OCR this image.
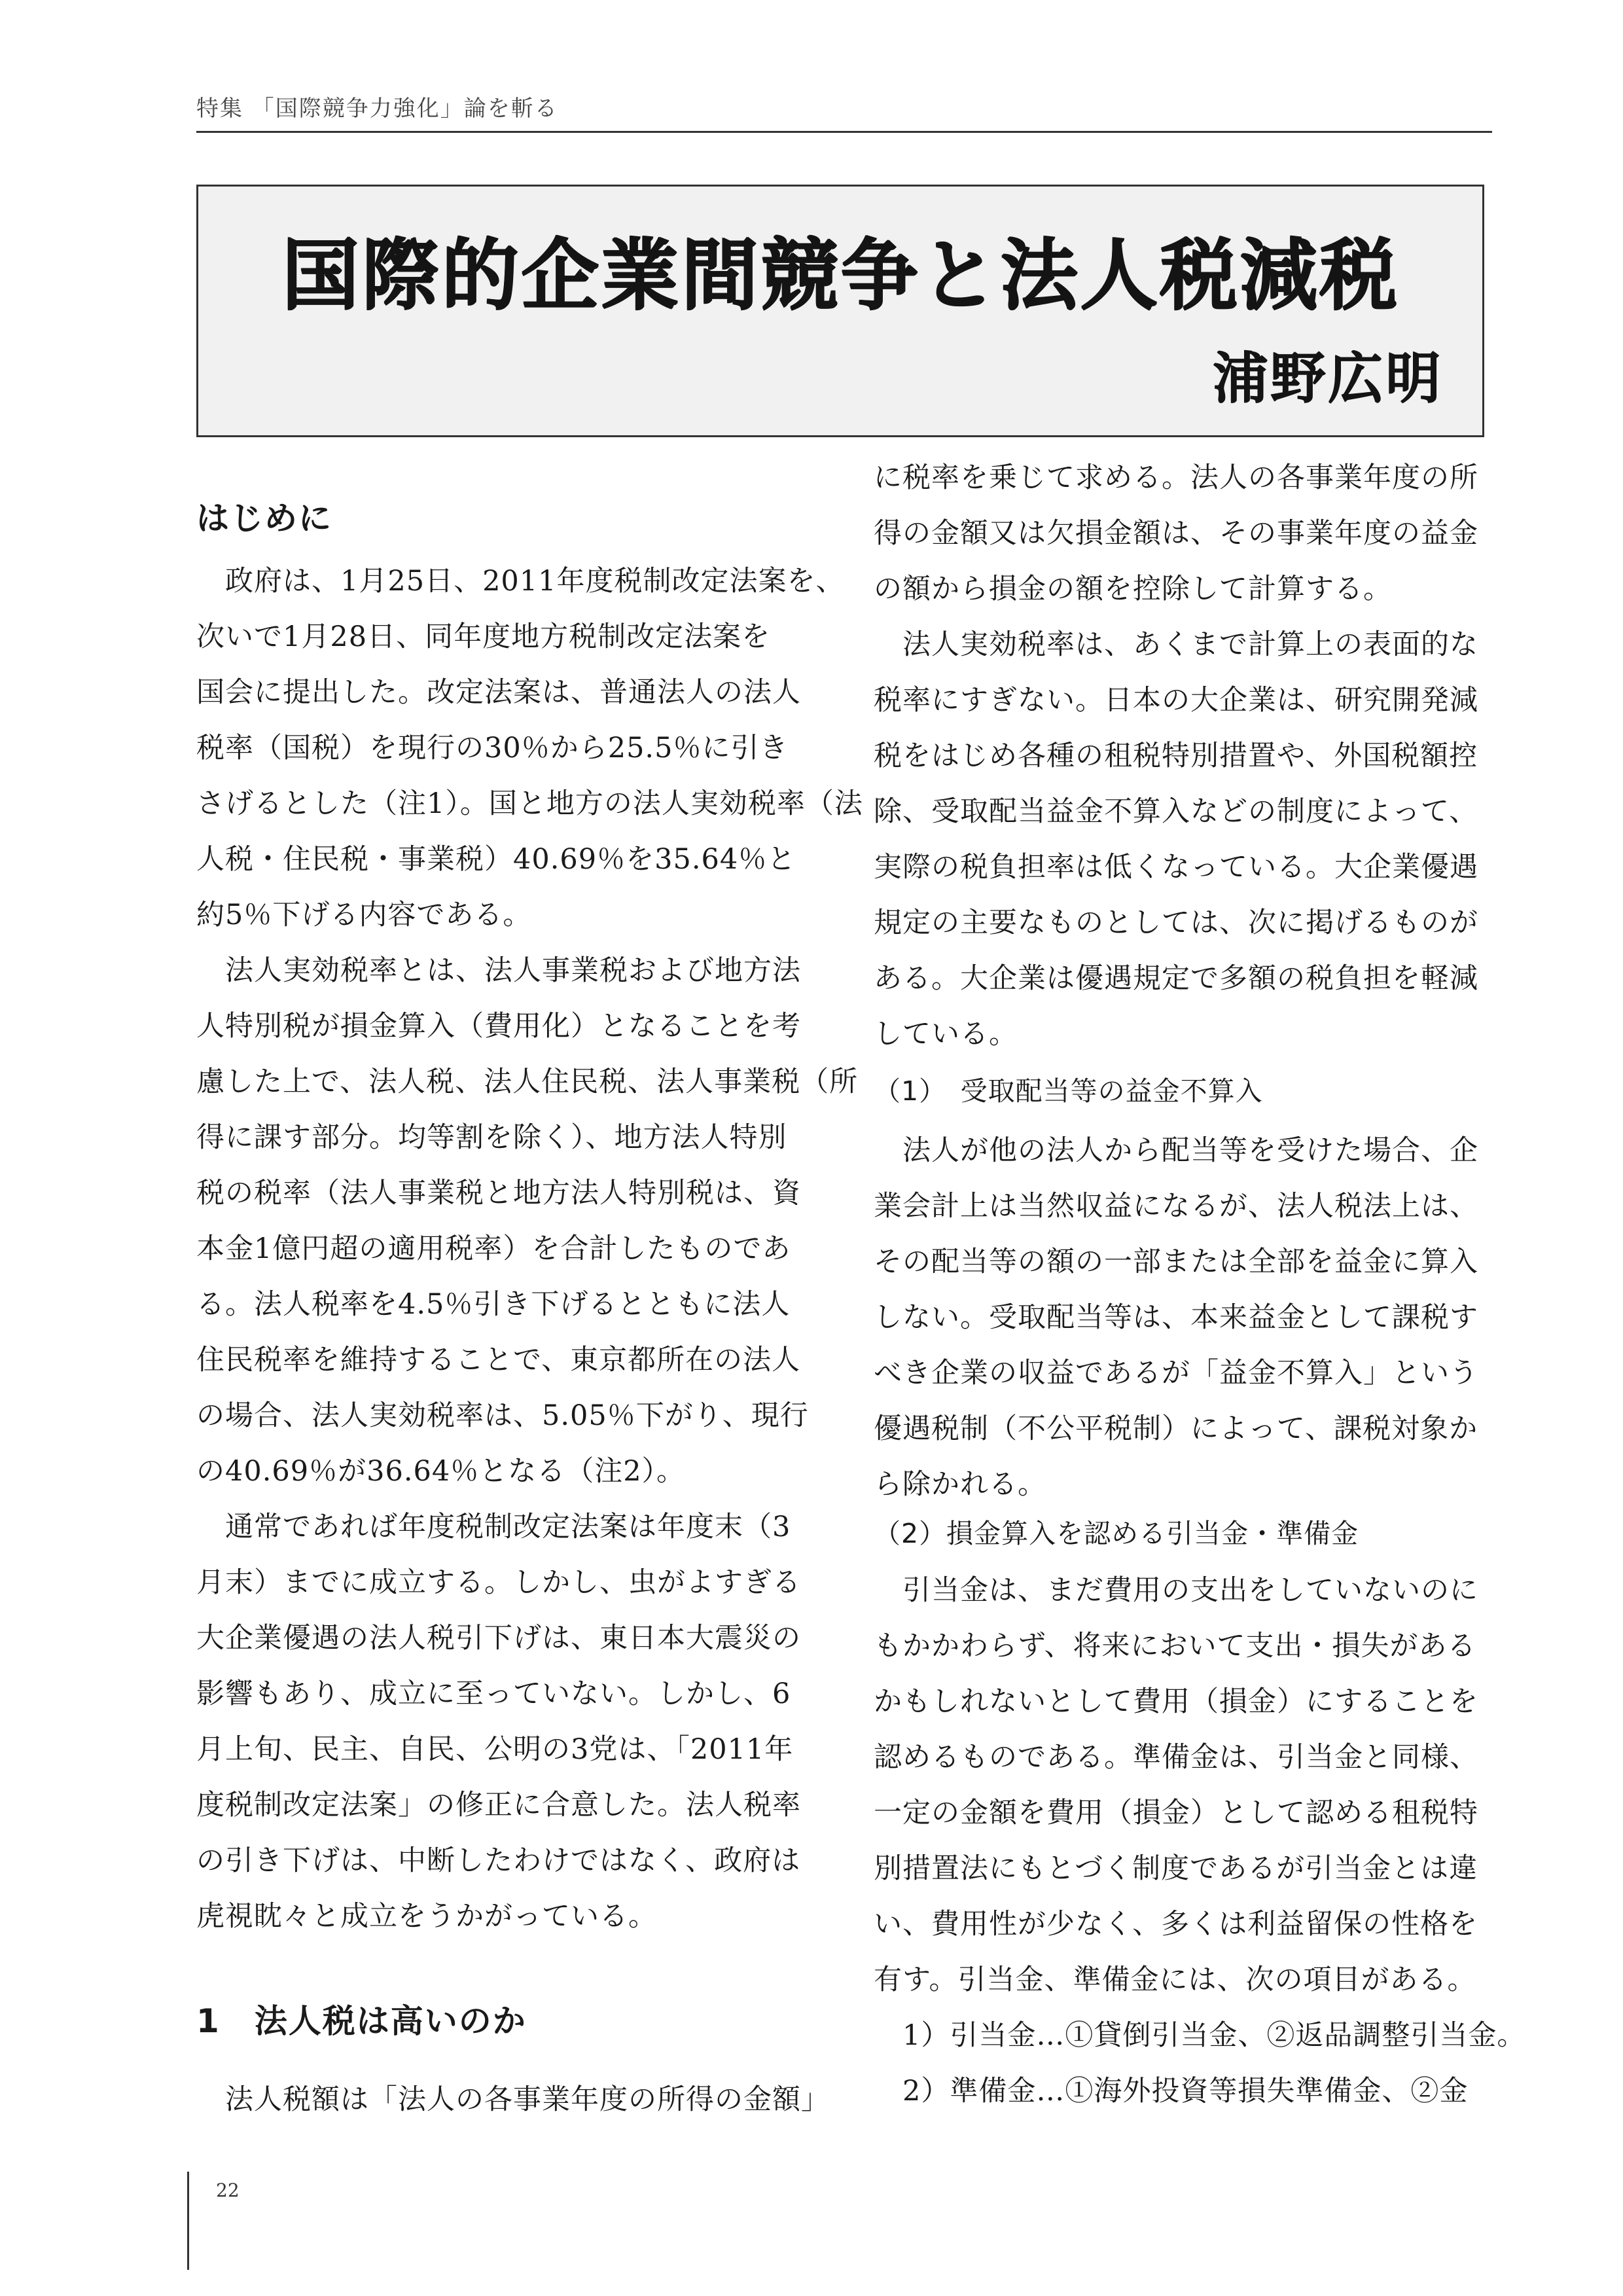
特集 「国際競争力強化」論を斬る
国際的企業間競争と法人税減税
浦野広明
はじめに
　政府は、1月25日、2011年度税制改定法案を、
次いで1月28日、同年度地方税制改定法案を
国会に提出した。改定法案は、普通法人の法人
税率（国税）を現行の30％から25.5％に引き
さげるとした（注1）。国と地方の法人実効税率（法
人税・住民税・事業税）40.69％を35.64％と
約5％下げる内容である。
　法人実効税率とは、法人事業税および地方法
人特別税が損金算入（費用化）となることを考
慮した上で、法人税、法人住民税、法人事業税（所
得に課す部分。均等割を除く）、地方法人特別
税の税率（法人事業税と地方法人特別税は、資
本金1億円超の適用税率）を合計したものであ
る。法人税率を4.5％引き下げるとともに法人
住民税率を維持することで、東京都所在の法人
の場合、法人実効税率は、5.05％下がり、現行
の40.69％が36.64％となる（注2）。
　通常であれば年度税制改定法案は年度末（3
月末）までに成立する。しかし、虫がよすぎる
大企業優遇の法人税引下げは、東日本大震災の
影響もあり、成立に至っていない。しかし、6
月上旬、民主、自民、公明の3党は、「2011年
度税制改定法案」の修正に合意した。法人税率
の引き下げは、中断したわけではなく、政府は
虎視眈々と成立をうかがっている。
1　法人税は高いのか
　法人税額は「法人の各事業年度の所得の金額」
に税率を乗じて求める。法人の各事業年度の所
得の金額又は欠損金額は、その事業年度の益金
の額から損金の額を控除して計算する。
　法人実効税率は、あくまで計算上の表面的な
税率にすぎない。日本の大企業は、研究開発減
税をはじめ各種の租税特別措置や、外国税額控
除、受取配当益金不算入などの制度によって、
実際の税負担率は低くなっている。大企業優遇
規定の主要なものとしては、次に掲げるものが
ある。大企業は優遇規定で多額の税負担を軽減
している。
（1）　受取配当等の益金不算入
　法人が他の法人から配当等を受けた場合、企
業会計上は当然収益になるが、法人税法上は、
その配当等の額の一部または全部を益金に算入
しない。受取配当等は、本来益金として課税す
べき企業の収益であるが「益金不算入」という
優遇税制（不公平税制）によって、課税対象か
ら除かれる。
（2）損金算入を認める引当金・準備金
　引当金は、まだ費用の支出をしていないのに
もかかわらず、将来において支出・損失がある
かもしれないとして費用（損金）にすることを
認めるものである。準備金は、引当金と同様、
一定の金額を費用（損金）として認める租税特
別措置法にもとづく制度であるが引当金とは違
い、費用性が少なく、多くは利益留保の性格を
有す。引当金、準備金には、次の項目がある。
　1）引当金…①貸倒引当金、②返品調整引当金。
　2）準備金…①海外投資等損失準備金、②金
22
